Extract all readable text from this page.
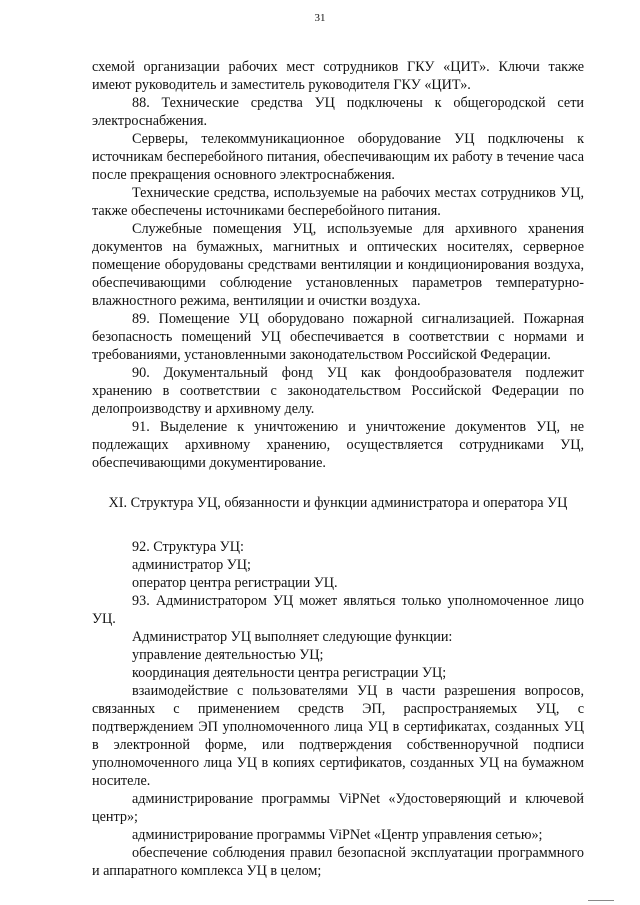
31

схемой организации рабочих мест сотрудников ГКУ «ЦИТ». Ключи также имеют руководитель и заместитель руководителя ГКУ «ЦИТ».

88. Технические средства УЦ подключены к общегородской сети электроснабжения.

Серверы, телекоммуникационное оборудование УЦ подключены к источникам бесперебойного питания, обеспечивающим их работу в течение часа после прекращения основного электроснабжения.

Технические средства, используемые на рабочих местах сотрудников УЦ, также обеспечены источниками бесперебойного питания.

Служебные помещения УЦ, используемые для архивного хранения документов на бумажных, магнитных и оптических носителях, серверное помещение оборудованы средствами вентиляции и кондиционирования воздуха, обеспечивающими соблюдение установленных параметров температурно-влажностного режима, вентиляции и очистки воздуха.

89. Помещение УЦ оборудовано пожарной сигнализацией. Пожарная безопасность помещений УЦ обеспечивается в соответствии с нормами и требованиями, установленными законодательством Российской Федерации.

90. Документальный фонд УЦ как фондообразователя подлежит хранению в соответствии с законодательством Российской Федерации по делопроизводству и архивному делу.

91. Выделение к уничтожению и уничтожение документов УЦ, не подлежащих архивному хранению, осуществляется сотрудниками УЦ, обеспечивающими документирование.

XI. Структура УЦ, обязанности и функции администратора и оператора УЦ

92. Структура УЦ:

администратор УЦ;

оператор центра регистрации УЦ.

93. Администратором УЦ может являться только уполномоченное лицо УЦ.

Администратор УЦ выполняет следующие функции:

управление деятельностью УЦ;

координация деятельности центра регистрации УЦ;

взаимодействие с пользователями УЦ в части разрешения вопросов, связанных с применением средств ЭП, распространяемых УЦ, с подтверждением ЭП уполномоченного лица УЦ в сертификатах, созданных УЦ в электронной форме, или подтверждения собственноручной подписи уполномоченного лица УЦ в копиях сертификатов, созданных УЦ на бумажном носителе.

администрирование программы ViPNet «Удостоверяющий и ключевой центр»;

администрирование программы ViPNet «Центр управления сетью»;

обеспечение соблюдения правил безопасной эксплуатации программного и аппаратного комплекса УЦ в целом;
